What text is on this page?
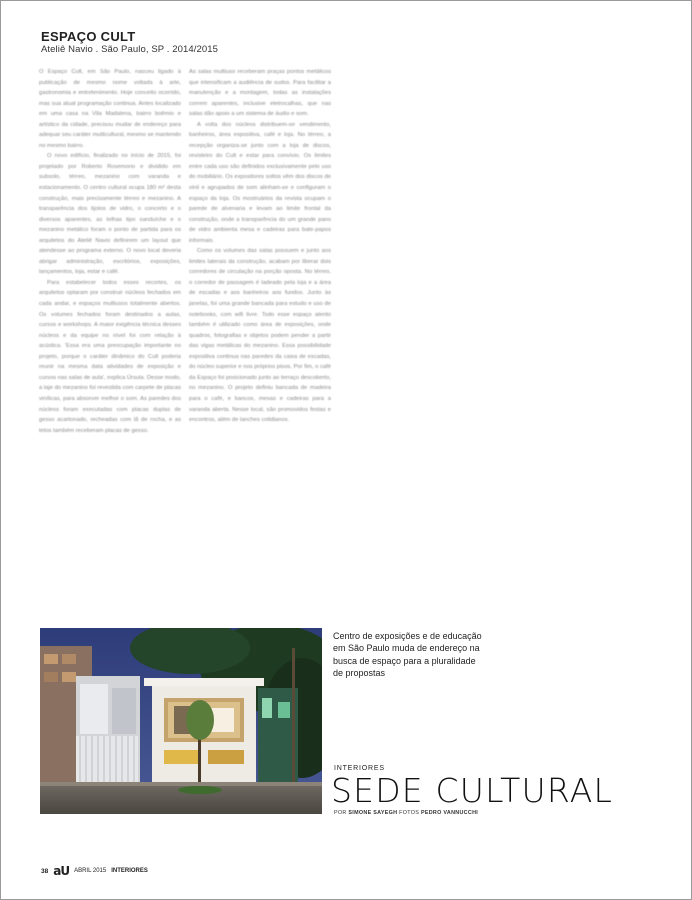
ESPAÇO CULT
Ateliê Navio . São Paulo, SP . 2014/2015

O Espaço Cult, em São Paulo, nasceu ligado à publicação de mesmo nome voltada à arte, gastronomia e entretenimento. Hoje conceito ocorrido, mas sua atual programação continua. Antes localizado em uma casa na Vila Madalena, bairro boêmio e artístico da cidade, precisou mudar de endereço para adequar seu caráter multicultural, mesmo se mantendo no mesmo bairro.

O novo edifício, finalizado no início de 2015, foi projetado por Roberto Rosemorio e dividido em subsolo, térreo, mezanino com varanda e estacionamento. O centro cultural ocupa 180 m² desta construção, mais precisamente térreo e mezanino. A transparência dos tijolos de vidro, o concreto e o diversos aparentes, as telhas tipo sanduíche e o mezanino metálico foram o ponto de partida para os arquitetos do Ateliê Navio definirem um layout que atendesse ao programa externo. O novo local deveria abrigar administração, escritórios, exposições, lançamentos, loja, estar e café.

Para estabelecer todos esses recortes, os arquitetos optaram por construir núcleos fechados em cada andar, e espaços multiusos totalmente abertos. Os volumes fechados foram destinados a aulas, cursos e workshops. A maior exigência técnica desses núcleos e da equipe no nível foi com relação à acústica. 'Essa era uma preocupação importante no projeto, porque o caráter dinâmico do Cult poderia reunir na mesma data atividades de exposição e cursos nas salas de aula', explica Úrsula. Desse modo, a laje do mezanino foi revestida com carpete de placas vinílicas, para absorver melhor o som. As paredes dos núcleos foram executadas com placas duplas de gesso acartonado, recheadas com lã de rocha, e as tetos também receberam placas de gesso.

As salas multiuso receberam praças pontos metálicos que intensificam a audiência de sudos. Para facilitar a manutenção e a montagem, todas as instalações correm aparentes, inclusive eletrocalhas, que nas salas dão apoio a um sistema de áudio e som.

A volta dos núcleos distribuem-se vendimento, banheiros, área expositiva, café e loja. No térreo, a recepção organiza-se junto com a loja de discos, revisteiro do Cult e estar para convívio. Os limites entre cada uso são definidos exclusivamente pelo uso do mobiliário. Os expositores soltos vêm dos discos de vinil e agrupados de som alinham-se e configuram o espaço da loja. Os mostruários da revista ocupam o parede de alvenaria e levam ao limite frontal da construção, onde a transparência do um grande pano de vidro ambienta mesa e cadeiras para bate-papos informais.

Como os volumes das salas possuem e junto aos limites laterais da construção, acabam por liberar dois corredores de circulação na porção oposta. No térreo, o corredor de passagem é ladeado pela loja e a área de escadas e aos banheiros aos fundos. Junto às janelas, foi uma grande bancada para estudo e uso de notebooks, com wifi livre. Todo esse espaço atento também é utilizado como área de exposições, onde quadros, fotografias e objetos podem pender a partir das vigas metálicas do mezanino. Essa possibilidade expositiva continua nas paredes da caixa de escadas, do núcleo superior e nos próprios pisos. Por fim, o café da Espaço foi posicionado junto ao terraço descoberto, no mezanino. O projeto definiu bancada de madeira para o café, e bancos, mesas e cadeiras para a varanda aberta. Nesse local, são promovidos festas e encontros, além de lanches cotidianos.

Centro de exposições e de educação em São Paulo muda de endereço na busca de espaço para a pluralidade de propostas
INTERIORES
SEDE CULTURAL
POR SIMONE SAYEGH FOTOS PEDRO VANNUCCHI
38 aU ABRIL 2015 INTERIORES
